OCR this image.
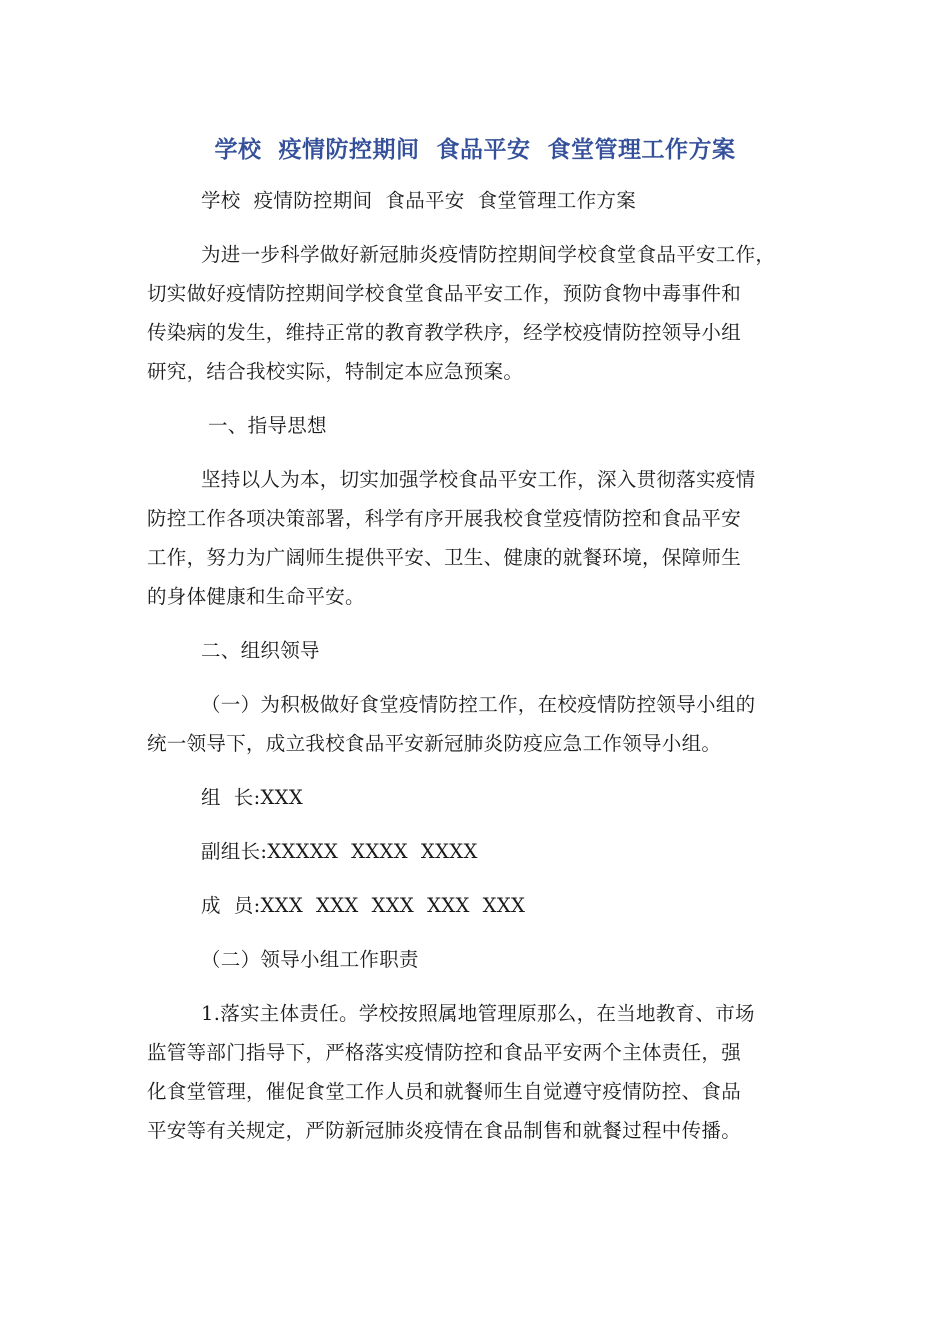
学校  疫情防控期间  食品平安  食堂管理工作方案
学校  疫情防控期间  食品平安  食堂管理工作方案
为进一步科学做好新冠肺炎疫情防控期间学校食堂食品平安工作，
切实做好疫情防控期间学校食堂食品平安工作，预防食物中毒事件和
传染病的发生，维持正常的教育教学秩序，经学校疫情防控领导小组
研究，结合我校实际，特制定本应急预案。
一、指导思想
坚持以人为本，切实加强学校食品平安工作，深入贯彻落实疫情
防控工作各项决策部署，科学有序开展我校食堂疫情防控和食品平安
工作，努力为广阔师生提供平安、卫生、健康的就餐环境，保障师生
的身体健康和生命平安。
二、组织领导
（一）为积极做好食堂疫情防控工作，在校疫情防控领导小组的
统一领导下，成立我校食品平安新冠肺炎防疫应急工作领导小组。
组  长:XXX
副组长:XXXXX  XXXX  XXXX
成  员:XXX  XXX  XXX  XXX  XXX
（二）领导小组工作职责
1.落实主体责任。学校按照属地管理原那么，在当地教育、市场
监管等部门指导下，严格落实疫情防控和食品平安两个主体责任，强
化食堂管理，催促食堂工作人员和就餐师生自觉遵守疫情防控、食品
平安等有关规定，严防新冠肺炎疫情在食品制售和就餐过程中传播。
